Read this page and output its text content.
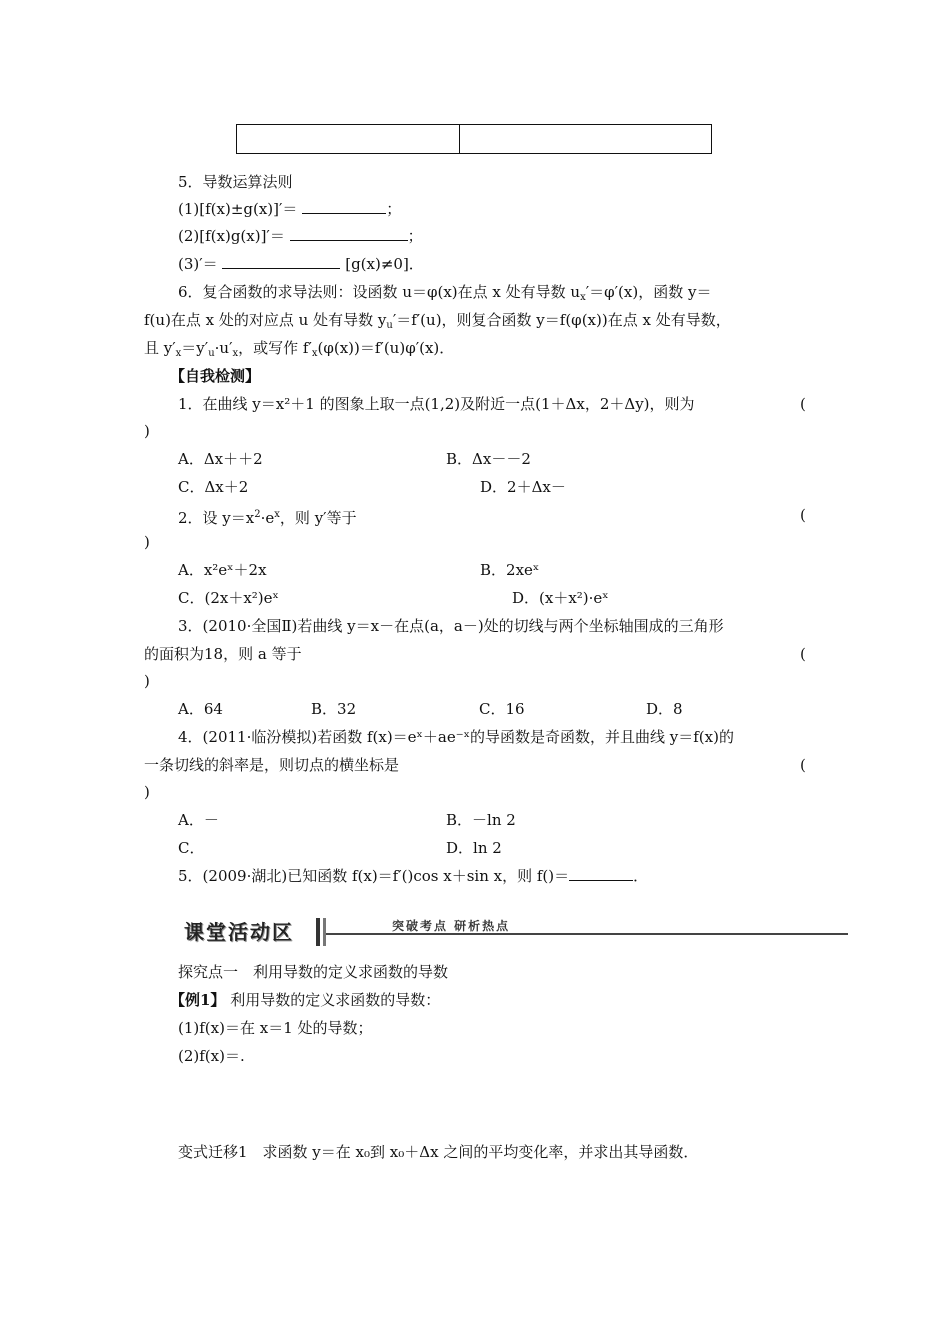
5．导数运算法则
(1)[f(x)±g(x)]′＝	；
(2)[f(x)g(x)]′＝	；
(3)′＝	[g(x)≠0]．
6．复合函数的求导法则：设函数 u＝φ(x)在点 x 处有导数 $u_x'=\varphi'(x)$，函数 y＝
f(u)在点 x 处的对应点 u 处有导数 $y_u'=f'(u)$，则复合函数 y＝f(φ(x))在点 x 处有导数，
且 $y'_x=y'_u\cdot u'_x$，或写作 $f'_x(\varphi(x))=f'(u)\varphi'(x)$．
【自我检测】
1．在曲线 y＝x²＋1 的图象上取一点(1,2)及附近一点(1＋Δx，2＋Δy)，则为	(
)
A．Δx＋＋2	B．Δx－－2
C．Δx＋2	D．2＋Δx－
2．设 $y=x^2\cdot e^x$，则 y′等于	(
)
A．x²eˣ＋2x	B．2xeˣ
C．(2x＋x²)eˣ	D．(x＋x²)·eˣ
3．(2010·全国Ⅱ)若曲线 y＝x－在点(a，a－)处的切线与两个坐标轴围成的三角形
的面积为18，则 a 等于	(
)
A．64	B．32	C．16	D．8
4．(2011·临汾模拟)若函数 f(x)＝eˣ＋ae⁻ˣ的导函数是奇函数，并且曲线 y＝f(x)的
一条切线的斜率是，则切点的横坐标是	(
)
A．－	B．－ln 2
C．	D．ln 2
5．(2009·湖北)已知函数 f(x)＝f′()cos x＋sin x，则 f()＝	．
课堂活动区	突破考点 研析热点
探究点一　利用导数的定义求函数的导数
【例1】 利用导数的定义求函数的导数：
(1)f(x)＝在 x＝1 处的导数；
(2)f(x)＝.
变式迁移1　求函数 y＝在 x₀到 x₀＋Δx 之间的平均变化率，并求出其导函数．
